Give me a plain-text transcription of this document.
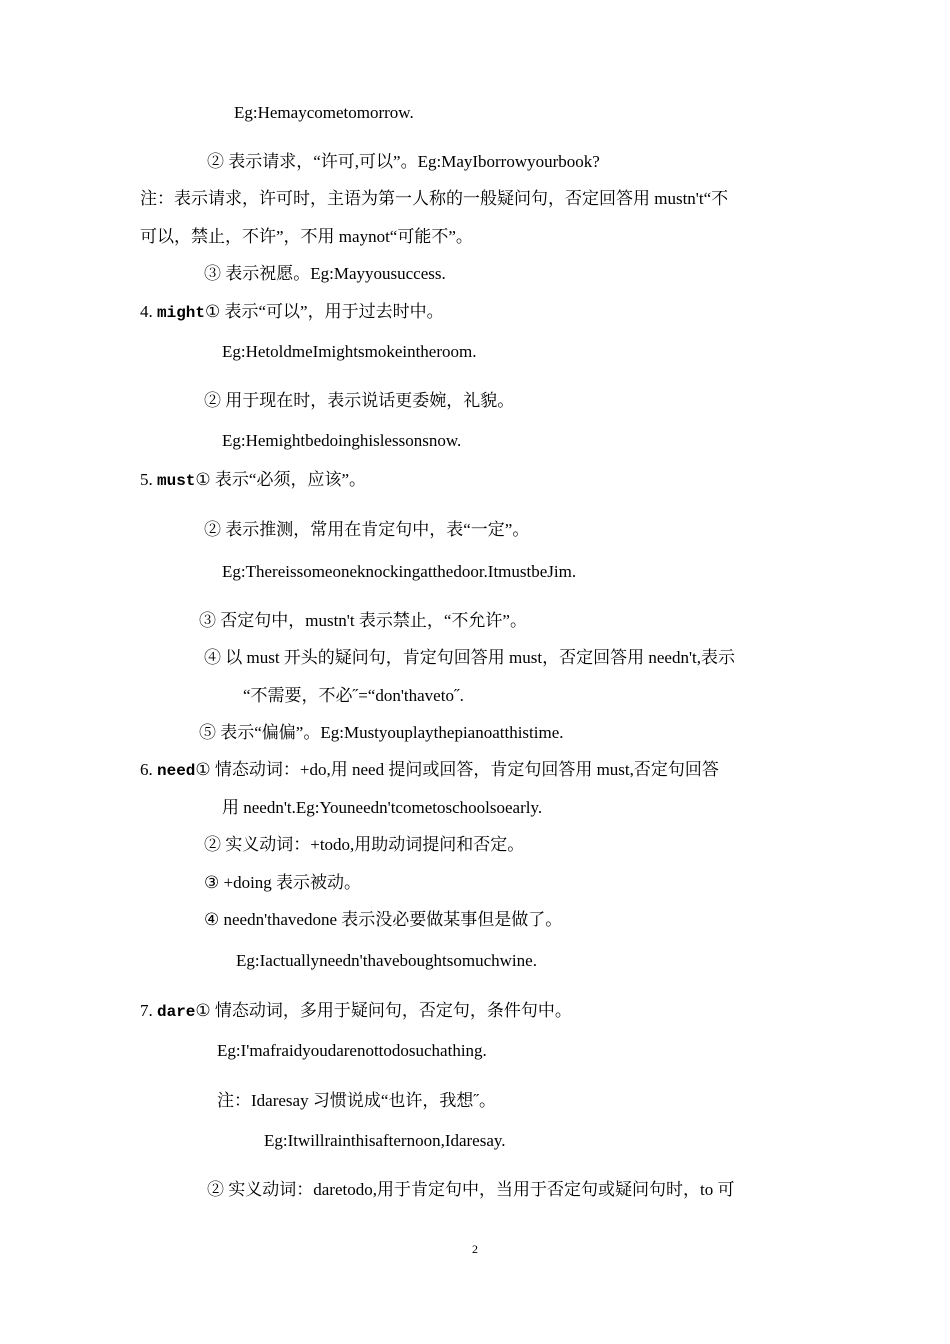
Eg:Hemaycometomorrow.
② 表示请求，“许可,可以”。Eg:MayIborrowyourbook?
注：表示请求，许可时，主语为第一人称的一般疑问句，否定回答用 mustn't“不
可以，禁止，不许”，不用 maynot“可能不”。
③ 表示祝愿。Eg:Mayyousuccess.
4. might① 表示“可以”，用于过去时中。
Eg:HetoldmeImightsmokeintheroom.
② 用于现在时，表示说话更委婉，礼貌。
Eg:Hemightbedoinghislessonsnow.
5. must① 表示“必须，应该”。
② 表示推测，常用在肯定句中，表“一定”。
Eg:Thereissomeoneknockingatthedoor.ItmustbeJim.
③ 否定句中，mustn't 表示禁止，“不允许”。
④ 以 must 开头的疑问句，肯定句回答用 must，否定回答用 needn't,表示
“不需要，不必˝=“don'thaveto˝.
⑤ 表示“偏偏”。Eg:Mustyouplaythepianoatthistime.
6. need① 情态动词：+do,用 need 提问或回答，肯定句回答用 must,否定句回答
用 needn't.Eg:Youneedn'tcometoschoolsoearly.
② 实义动词：+todo,用助动词提问和否定。
③ +doing 表示被动。
④ needn'thavedone 表示没必要做某事但是做了。
Eg:Iactuallyneedn'thaveboughtsomuchwine.
7. dare① 情态动词，多用于疑问句，否定句，条件句中。
Eg:I'mafraidyoudarenottodosuchathing.
注：Idaresay 习惯说成“也许，我想˝。
Eg:Itwillrainthisafternoon,Idaresay.
② 实义动词：daretodo,用于肯定句中，当用于否定句或疑问句时，to 可
2
